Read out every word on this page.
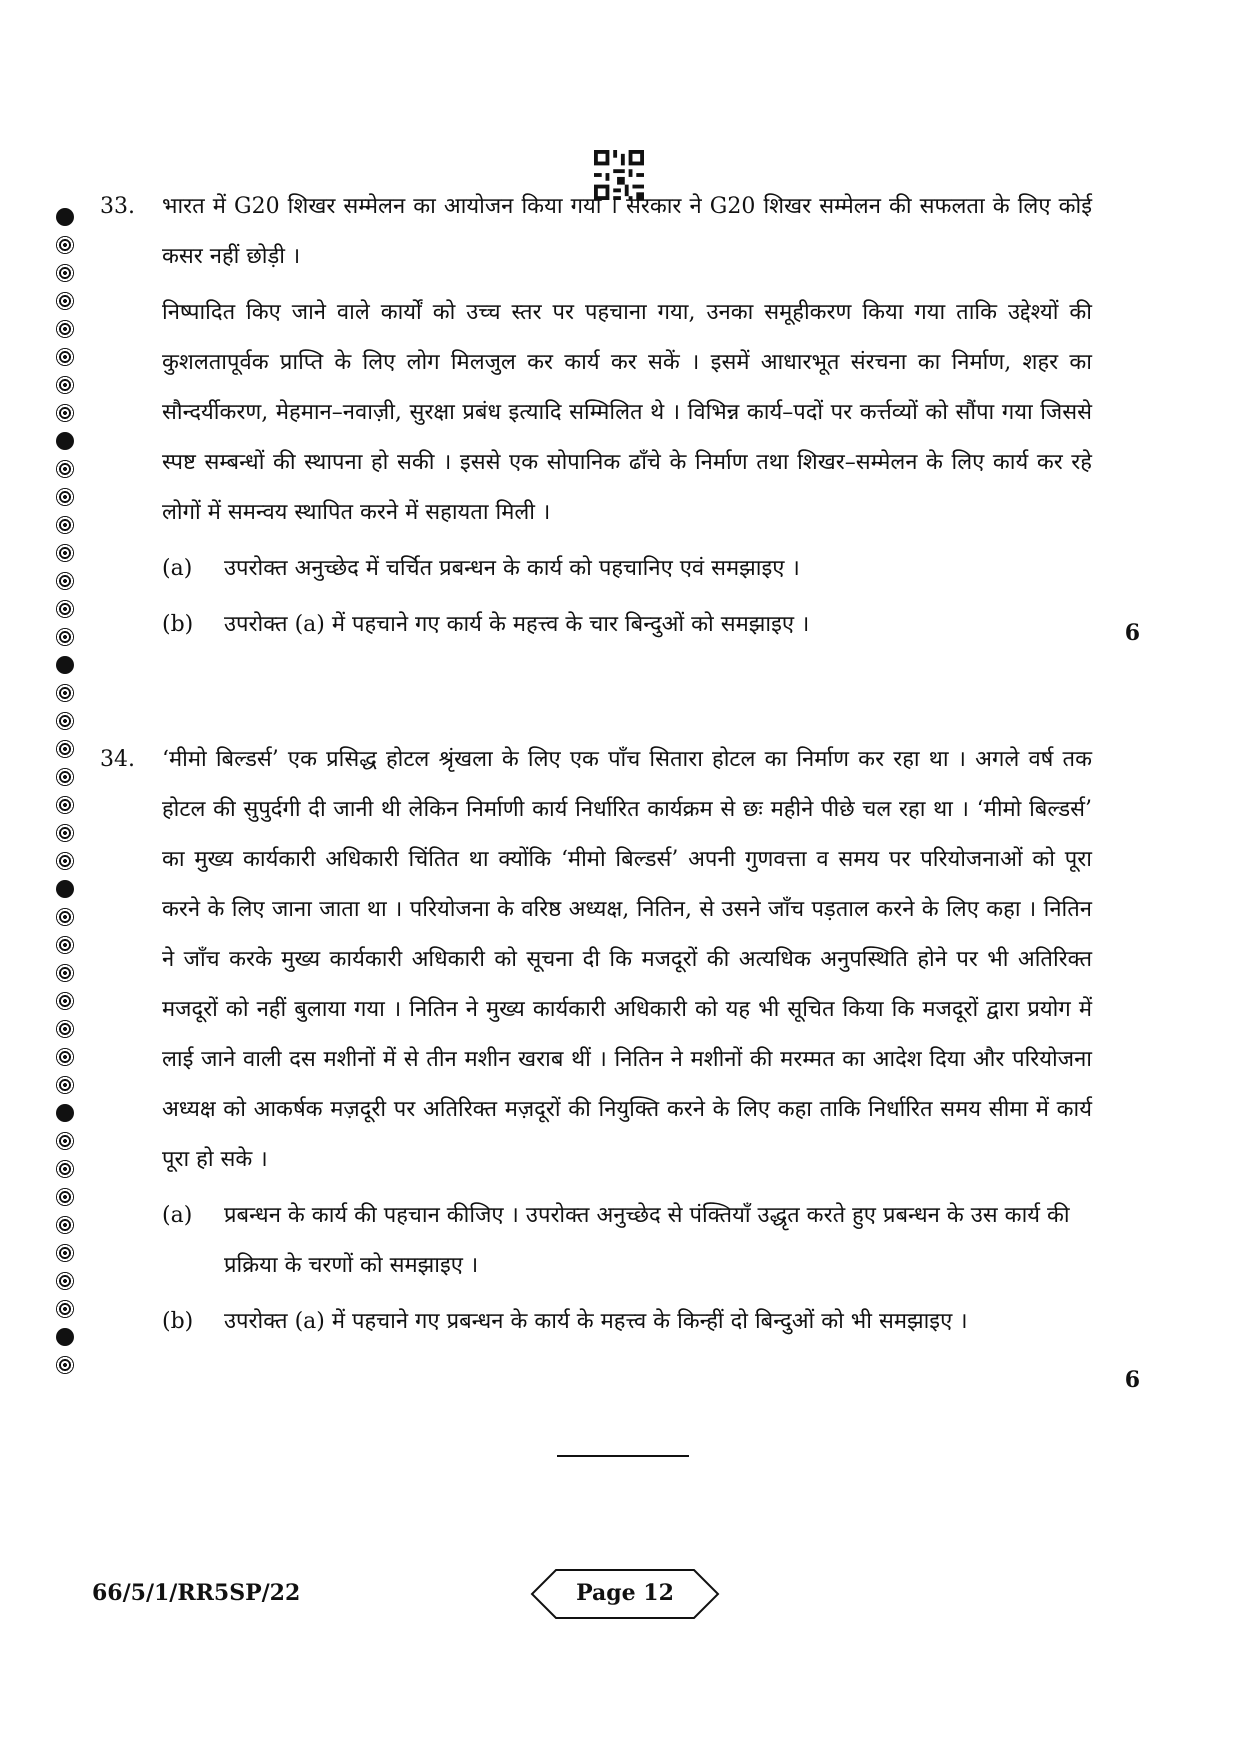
33. भारत में G20 शिखर सम्मेलन का आयोजन किया गया । सरकार ने G20 शिखर सम्मेलन की सफलता के लिए कोई कसर नहीं छोड़ी ।

निष्पादित किए जाने वाले कार्यों को उच्च स्तर पर पहचाना गया, उनका समूहीकरण किया गया ताकि उद्देश्यों की कुशलतापूर्वक प्राप्ति के लिए लोग मिलजुल कर कार्य कर सकें । इसमें आधारभूत संरचना का निर्माण, शहर का सौन्दर्यीकरण, मेहमान–नवाज़ी, सुरक्षा प्रबंध इत्यादि सम्मिलित थे । विभिन्न कार्य–पदों पर कर्त्तव्यों को सौंपा गया जिससे स्पष्ट सम्बन्धों की स्थापना हो सकी । इससे एक सोपानिक ढाँचे के निर्माण तथा शिखर–सम्मेलन के लिए कार्य कर रहे लोगों में समन्वय स्थापित करने में सहायता मिली ।

(a) उपरोक्त अनुच्छेद में चर्चित प्रबन्धन के कार्य को पहचानिए एवं समझाइए ।
(b) उपरोक्त (a) में पहचाने गए कार्य के महत्त्व के चार बिन्दुओं को समझाइए ।	6
34. ‘मीमो बिल्डर्स’ एक प्रसिद्ध होटल श्रृंखला के लिए एक पाँच सितारा होटल का निर्माण कर रहा था । अगले वर्ष तक होटल की सुपुर्दगी दी जानी थी लेकिन निर्माणी कार्य निर्धारित कार्यक्रम से छः महीने पीछे चल रहा था । ‘मीमो बिल्डर्स’ का मुख्य कार्यकारी अधिकारी चिंतित था क्योंकि ‘मीमो बिल्डर्स’ अपनी गुणवत्ता व समय पर परियोजनाओं को पूरा करने के लिए जाना जाता था । परियोजना के वरिष्ठ अध्यक्ष, नितिन, से उसने जाँच पड़ताल करने के लिए कहा । नितिन ने जाँच करके मुख्य कार्यकारी अधिकारी को सूचना दी कि मजदूरों की अत्यधिक अनुपस्थिति होने पर भी अतिरिक्त मजदूरों को नहीं बुलाया गया । नितिन ने मुख्य कार्यकारी अधिकारी को यह भी सूचित किया कि मजदूरों द्वारा प्रयोग में लाई जाने वाली दस मशीनों में से तीन मशीन खराब थीं । नितिन ने मशीनों की मरम्मत का आदेश दिया और परियोजना अध्यक्ष को आकर्षक मज़दूरी पर अतिरिक्त मज़दूरों की नियुक्ति करने के लिए कहा ताकि निर्धारित समय सीमा में कार्य पूरा हो सके ।

(a) प्रबन्धन के कार्य की पहचान कीजिए । उपरोक्त अनुच्छेद से पंक्तियाँ उद्धृत करते हुए प्रबन्धन के उस कार्य की प्रक्रिया के चरणों को समझाइए ।
(b) उपरोक्त (a) में पहचाने गए प्रबन्धन के कार्य के महत्त्व के किन्हीं दो बिन्दुओं को भी समझाइए ।
6
66/5/1/RR5SP/22	Page 12
